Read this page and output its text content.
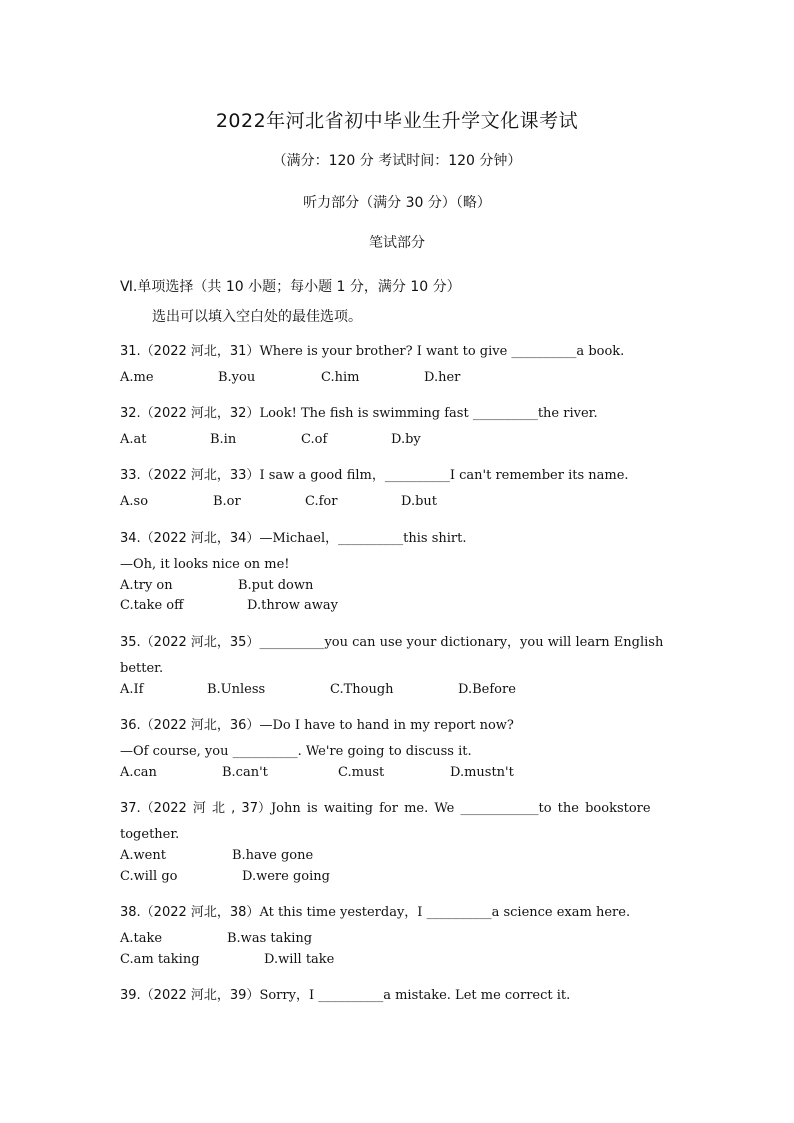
2022年河北省初中毕业生升学文化课考试
（满分：120 分 考试时间：120 分钟）
听力部分（满分 30 分）（略）
笔试部分
Ⅵ.单项选择（共 10 小题；每小题 1 分，满分 10 分）
选出可以填入空白处的最佳选项。
31.（2022 河北，31）Where is your brother? I want to give __________a book.
A.me	B.you	C.him	D.her
32.（2022 河北，32）Look! The fish is swimming fast __________the river.
A.at	B.in	C.of	D.by
33.（2022 河北，33）I saw a good film，__________I can't remember its name.
A.so	B.or	C.for	D.but
34.（2022 河北，34）—Michael，__________this shirt.
—Oh, it looks nice on me!
A.try on	B.put down
C.take off	D.throw away
35.（2022 河北，35）__________you can use your dictionary，you will learn English
better.
A.If	B.Unless	C.Though	D.Before
36.（2022 河北，36）—Do I have to hand in my report now?
—Of course, you __________. We're going to discuss it.
A.can	B.can't	C.must	D.mustn't
37.（2022 河 北 , 37）John is waiting for me. We ____________to the bookstore
together.
A.went	B.have gone
C.will go	D.were going
38.（2022 河北，38）At this time yesterday，I __________a science exam here.
A.take	B.was taking
C.am taking	D.will take
39.（2022 河北，39）Sorry，I __________a mistake. Let me correct it.
